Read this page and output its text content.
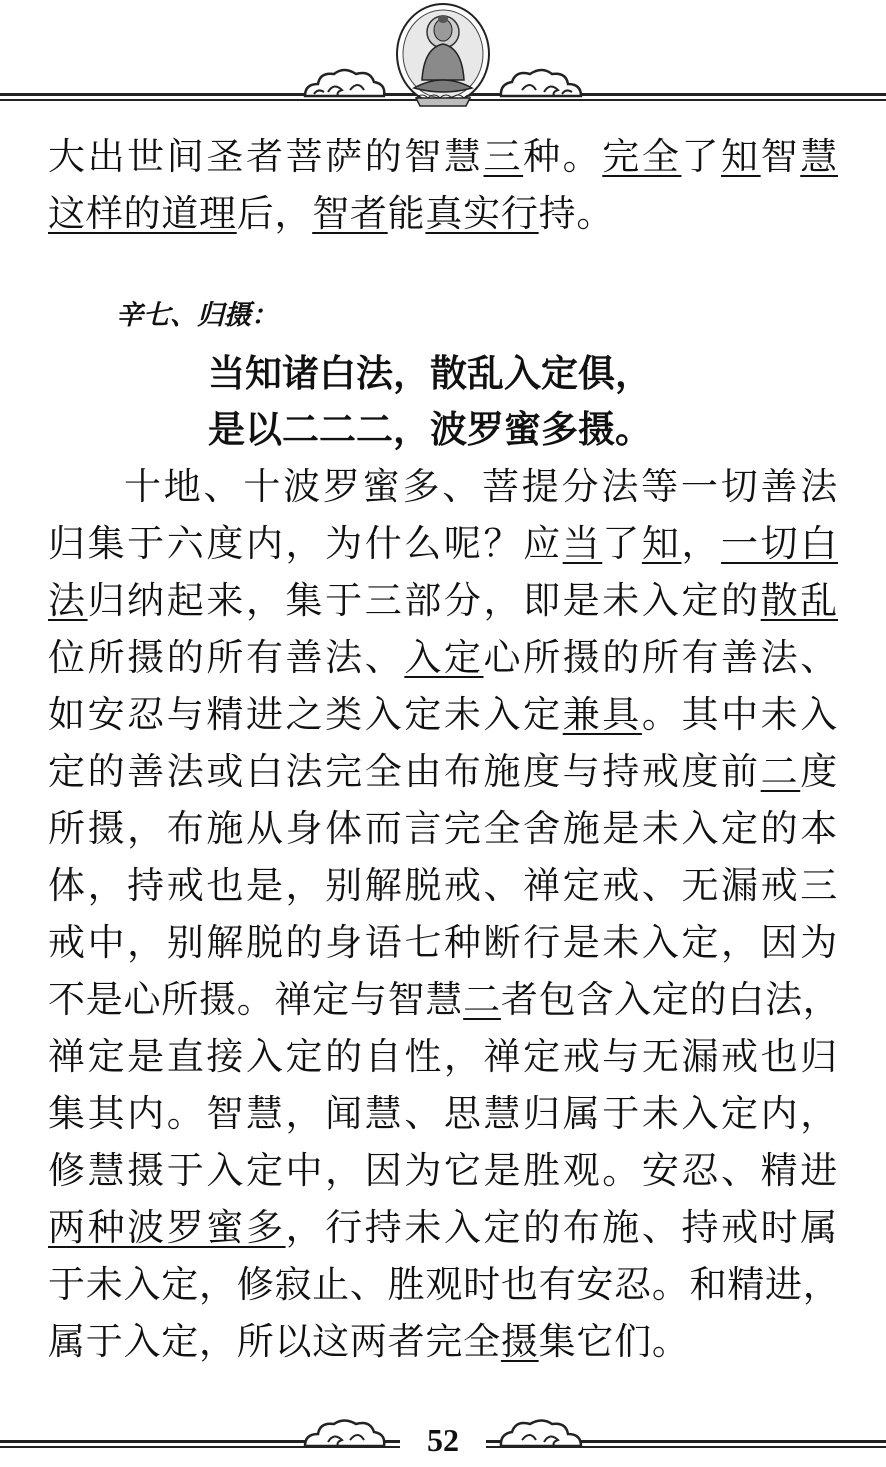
大出世间圣者菩萨的智慧三种。完全了知智慧
这样的道理后，智者能真实行持。
辛七、归摄：
当知诸白法，散乱入定俱，
是以二二二，波罗蜜多摄。
十地、十波罗蜜多、菩提分法等一切善法
归集于六度内，为什么呢？应当了知，一切白
法归纳起来，集于三部分，即是未入定的散乱
位所摄的所有善法、入定心所摄的所有善法、
如安忍与精进之类入定未入定兼具。其中未入
定的善法或白法完全由布施度与持戒度前二度
所摄，布施从身体而言完全舍施是未入定的本
体，持戒也是，别解脱戒、禅定戒、无漏戒三
戒中，别解脱的身语七种断行是未入定，因为
不是心所摄。禅定与智慧二者包含入定的白法，
禅定是直接入定的自性，禅定戒与无漏戒也归
集其内。智慧，闻慧、思慧归属于未入定内，
修慧摄于入定中，因为它是胜观。安忍、精进
两种波罗蜜多，行持未入定的布施、持戒时属
于未入定，修寂止、胜观时也有安忍。和精进，
属于入定，所以这两者完全摄集它们。
52
